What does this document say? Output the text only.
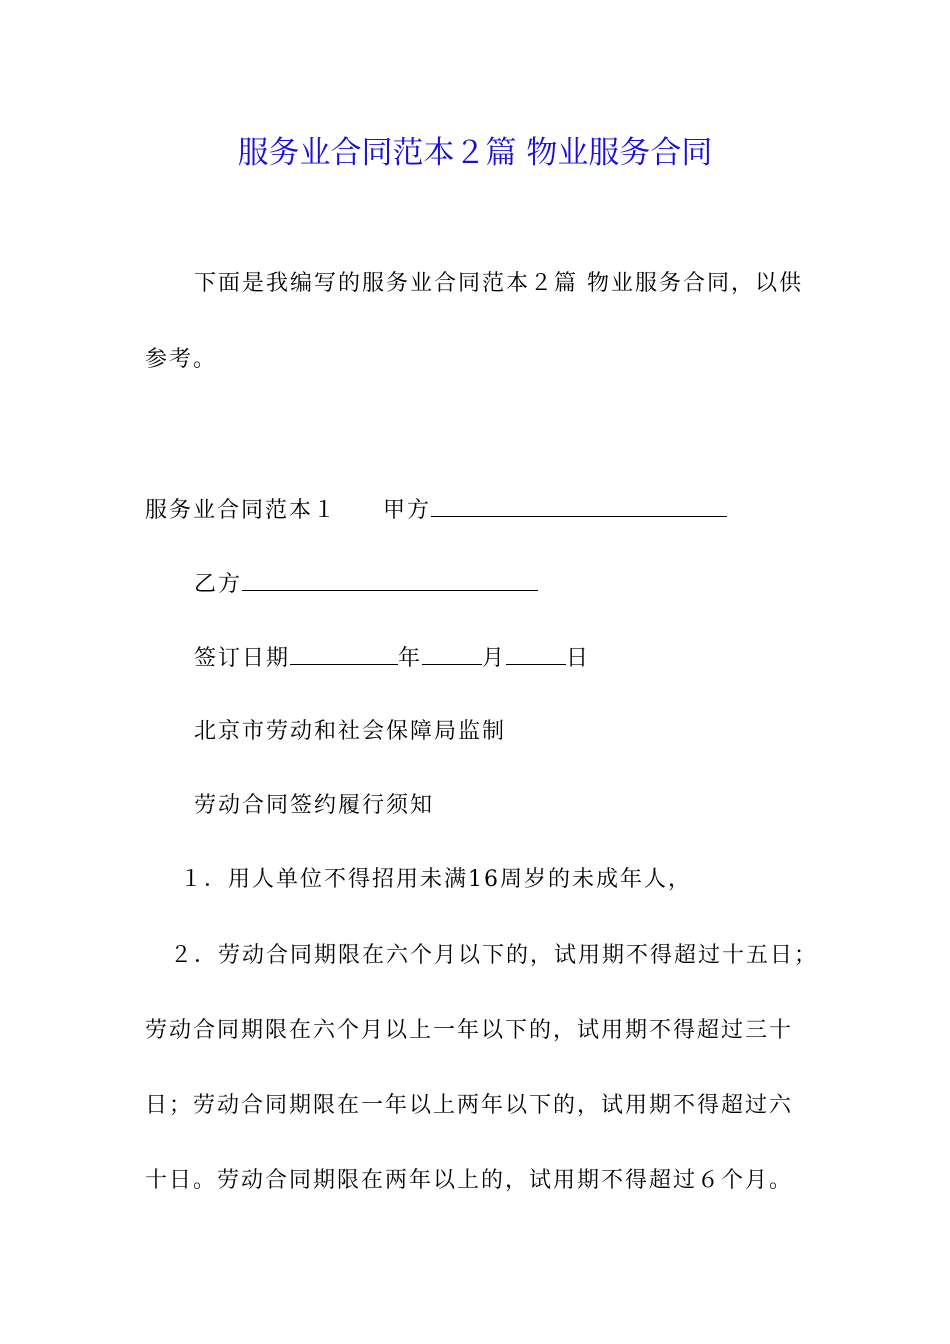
服务业合同范本２篇 物业服务合同
下面是我编写的服务业合同范本２篇 物业服务合同，以供
参考。
服务业合同范本１ 甲方
乙方
签订日期	年	月	日
北京市劳动和社会保障局监制
劳动合同签约履行须知
１．用人单位不得招用未满16周岁的未成年人，
２．劳动合同期限在六个月以下的，试用期不得超过十五日；
劳动合同期限在六个月以上一年以下的，试用期不得超过三十
日；劳动合同期限在一年以上两年以下的，试用期不得超过六
十日。劳动合同期限在两年以上的，试用期不得超过６个月。
